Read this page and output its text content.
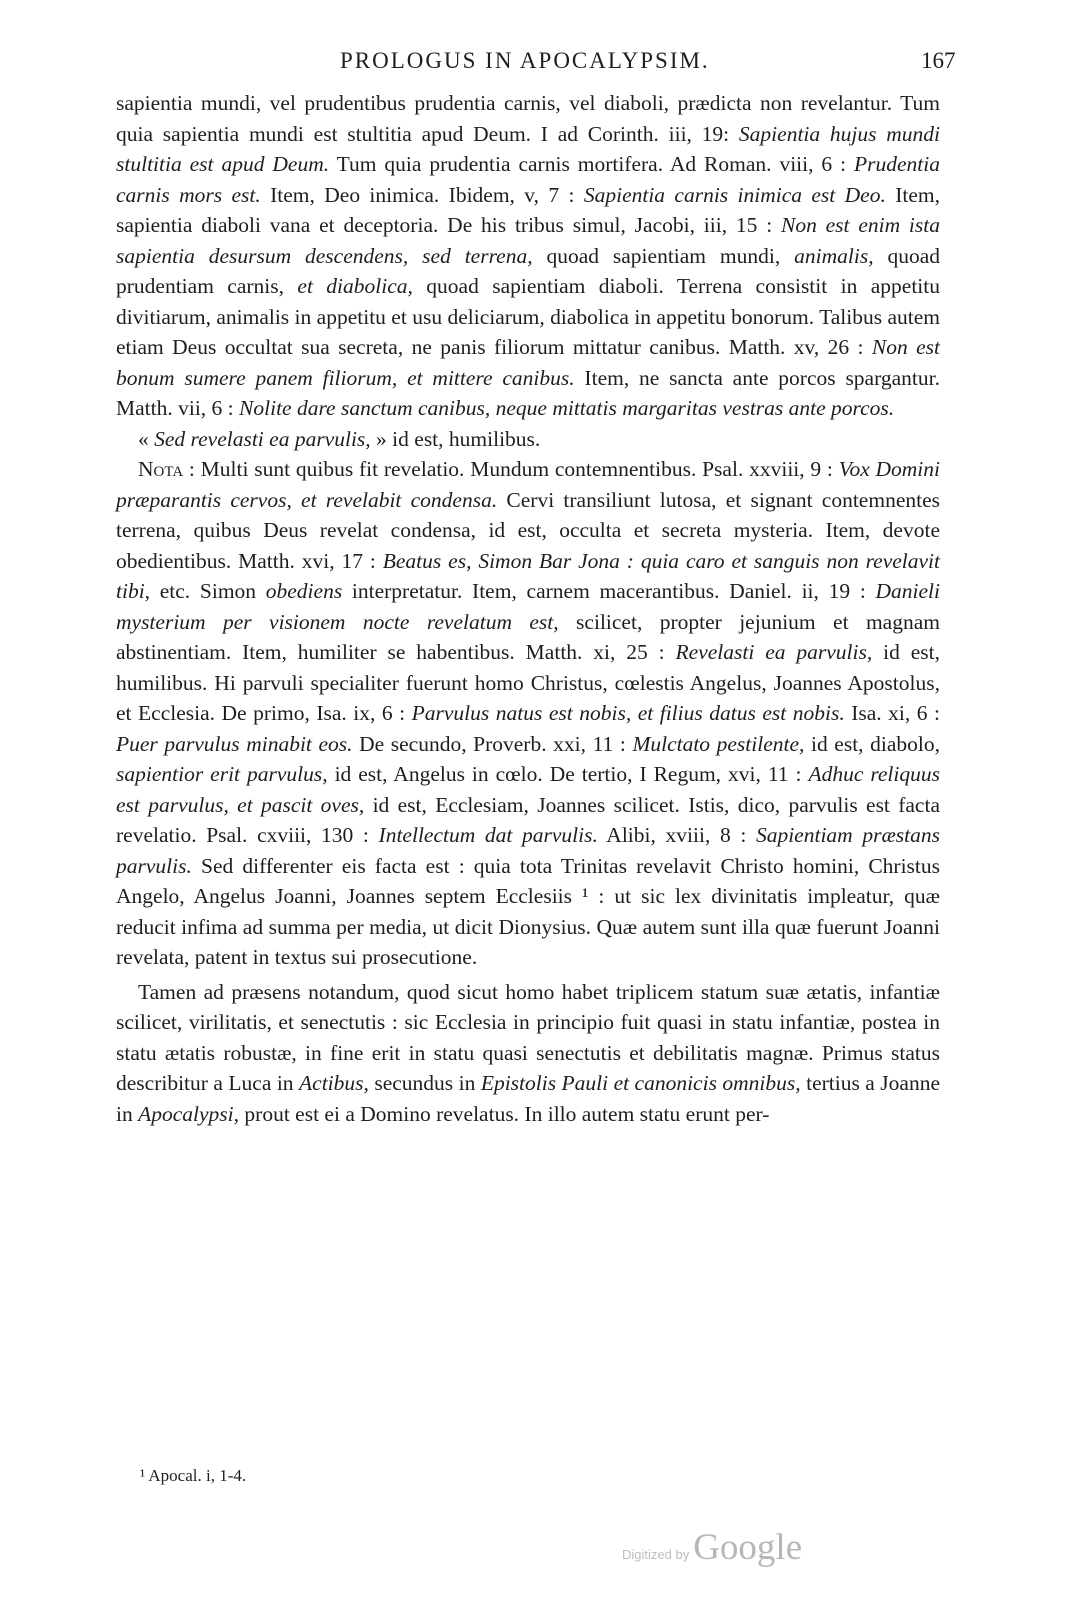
PROLOGUS IN APOCALYPSIM.	167

sapientia mundi, vel prudentibus prudentia carnis, vel diaboli, prædicta non revelantur. Tum quia sapientia mundi est stultitia apud Deum. I ad Corinth. iii, 19: Sapientia hujus mundi stultitia est apud Deum. Tum quia prudentia carnis mortifera. Ad Roman. viii, 6 : Prudentia carnis mors est. Item, Deo inimica. Ibidem, v, 7 : Sapientia carnis inimica est Deo. Item, sapientia diaboli vana et deceptoria. De his tribus simul, Jacobi, iii, 15 : Non est enim ista sapientia desursum descendens, sed terrena, quoad sapientiam mundi, animalis, quoad prudentiam carnis, et diabolica, quoad sapientiam diaboli. Terrena consistit in appetitu divitiarum, animalis in appetitu et usu deliciarum, diabolica in appetitu bonorum. Talibus autem etiam Deus occultat sua secreta, ne panis filiorum mittatur canibus. Matth. xv, 26 : Non est bonum sumere panem filiorum, et mittere canibus. Item, ne sancta ante porcos spargantur. Matth. vii, 6 : Nolite dare sanctum canibus, neque mittatis margaritas vestras ante porcos.

« Sed revelasti ea parvulis, » id est, humilibus.

Nota : Multi sunt quibus fit revelatio. Mundum contemnentibus. Psal. xxviii, 9 : Vox Domini præparantis cervos, et revelabit condensa. Cervi transiliunt lutosa, et signant contemnentes terrena, quibus Deus revelat condensa, id est, occulta et secreta mysteria. Item, devote obedientibus. Matth. xvi, 17 : Beatus es, Simon Bar Jona : quia caro et sanguis non revelavit tibi, etc. Simon obediens interpretatur. Item, carnem macerantibus. Daniel. ii, 19 : Danieli mysterium per visionem nocte revelatum est, scilicet, propter jejunium et magnam abstinentiam. Item, humiliter se habentibus. Matth. xi, 25 : Revelasti ea parvulis, id est, humilibus. Hi parvuli specialiter fuerunt homo Christus, cœlestis Angelus, Joannes Apostolus, et Ecclesia. De primo, Isa. ix, 6 : Parvulus natus est nobis, et filius datus est nobis. Isa. xi, 6 : Puer parvulus minabit eos. De secundo, Proverb. xxi, 11 : Mulctato pestilente, id est, diabolo, sapientior erit parvulus, id est, Angelus in cœlo. De tertio, I Regum, xvi, 11 : Adhuc reliquus est parvulus, et pascit oves, id est, Ecclesiam, Joannes scilicet. Istis, dico, parvulis est facta revelatio. Psal. cxviii, 130 : Intellectum dat parvulis. Alibi, xviii, 8 : Sapientiam præstans parvulis. Sed differenter eis facta est : quia tota Trinitas revelavit Christo homini, Christus Angelo, Angelus Joanni, Joannes septem Ecclesiis ¹ : ut sic lex divinitatis impleatur, quæ reducit infima ad summa per media, ut dicit Dionysius. Quæ autem sunt illa quæ fuerunt Joanni revelata, patent in textus sui prosecutione.

Tamen ad præsens notandum, quod sicut homo habet triplicem statum suæ ætatis, infantiæ scilicet, virilitatis, et senectutis : sic Ecclesia in principio fuit quasi in statu infantiæ, postea in statu ætatis robustæ, in fine erit in statu quasi senectutis et debilitatis magnæ. Primus status describitur a Luca in Actibus, secundus in Epistolis Pauli et canonicis omnibus, tertius a Joanne in Apocalypsi, prout est ei a Domino revelatus. In illo autem statu erunt per-

¹ Apocal. i, 1-4.
Digitized by Google
